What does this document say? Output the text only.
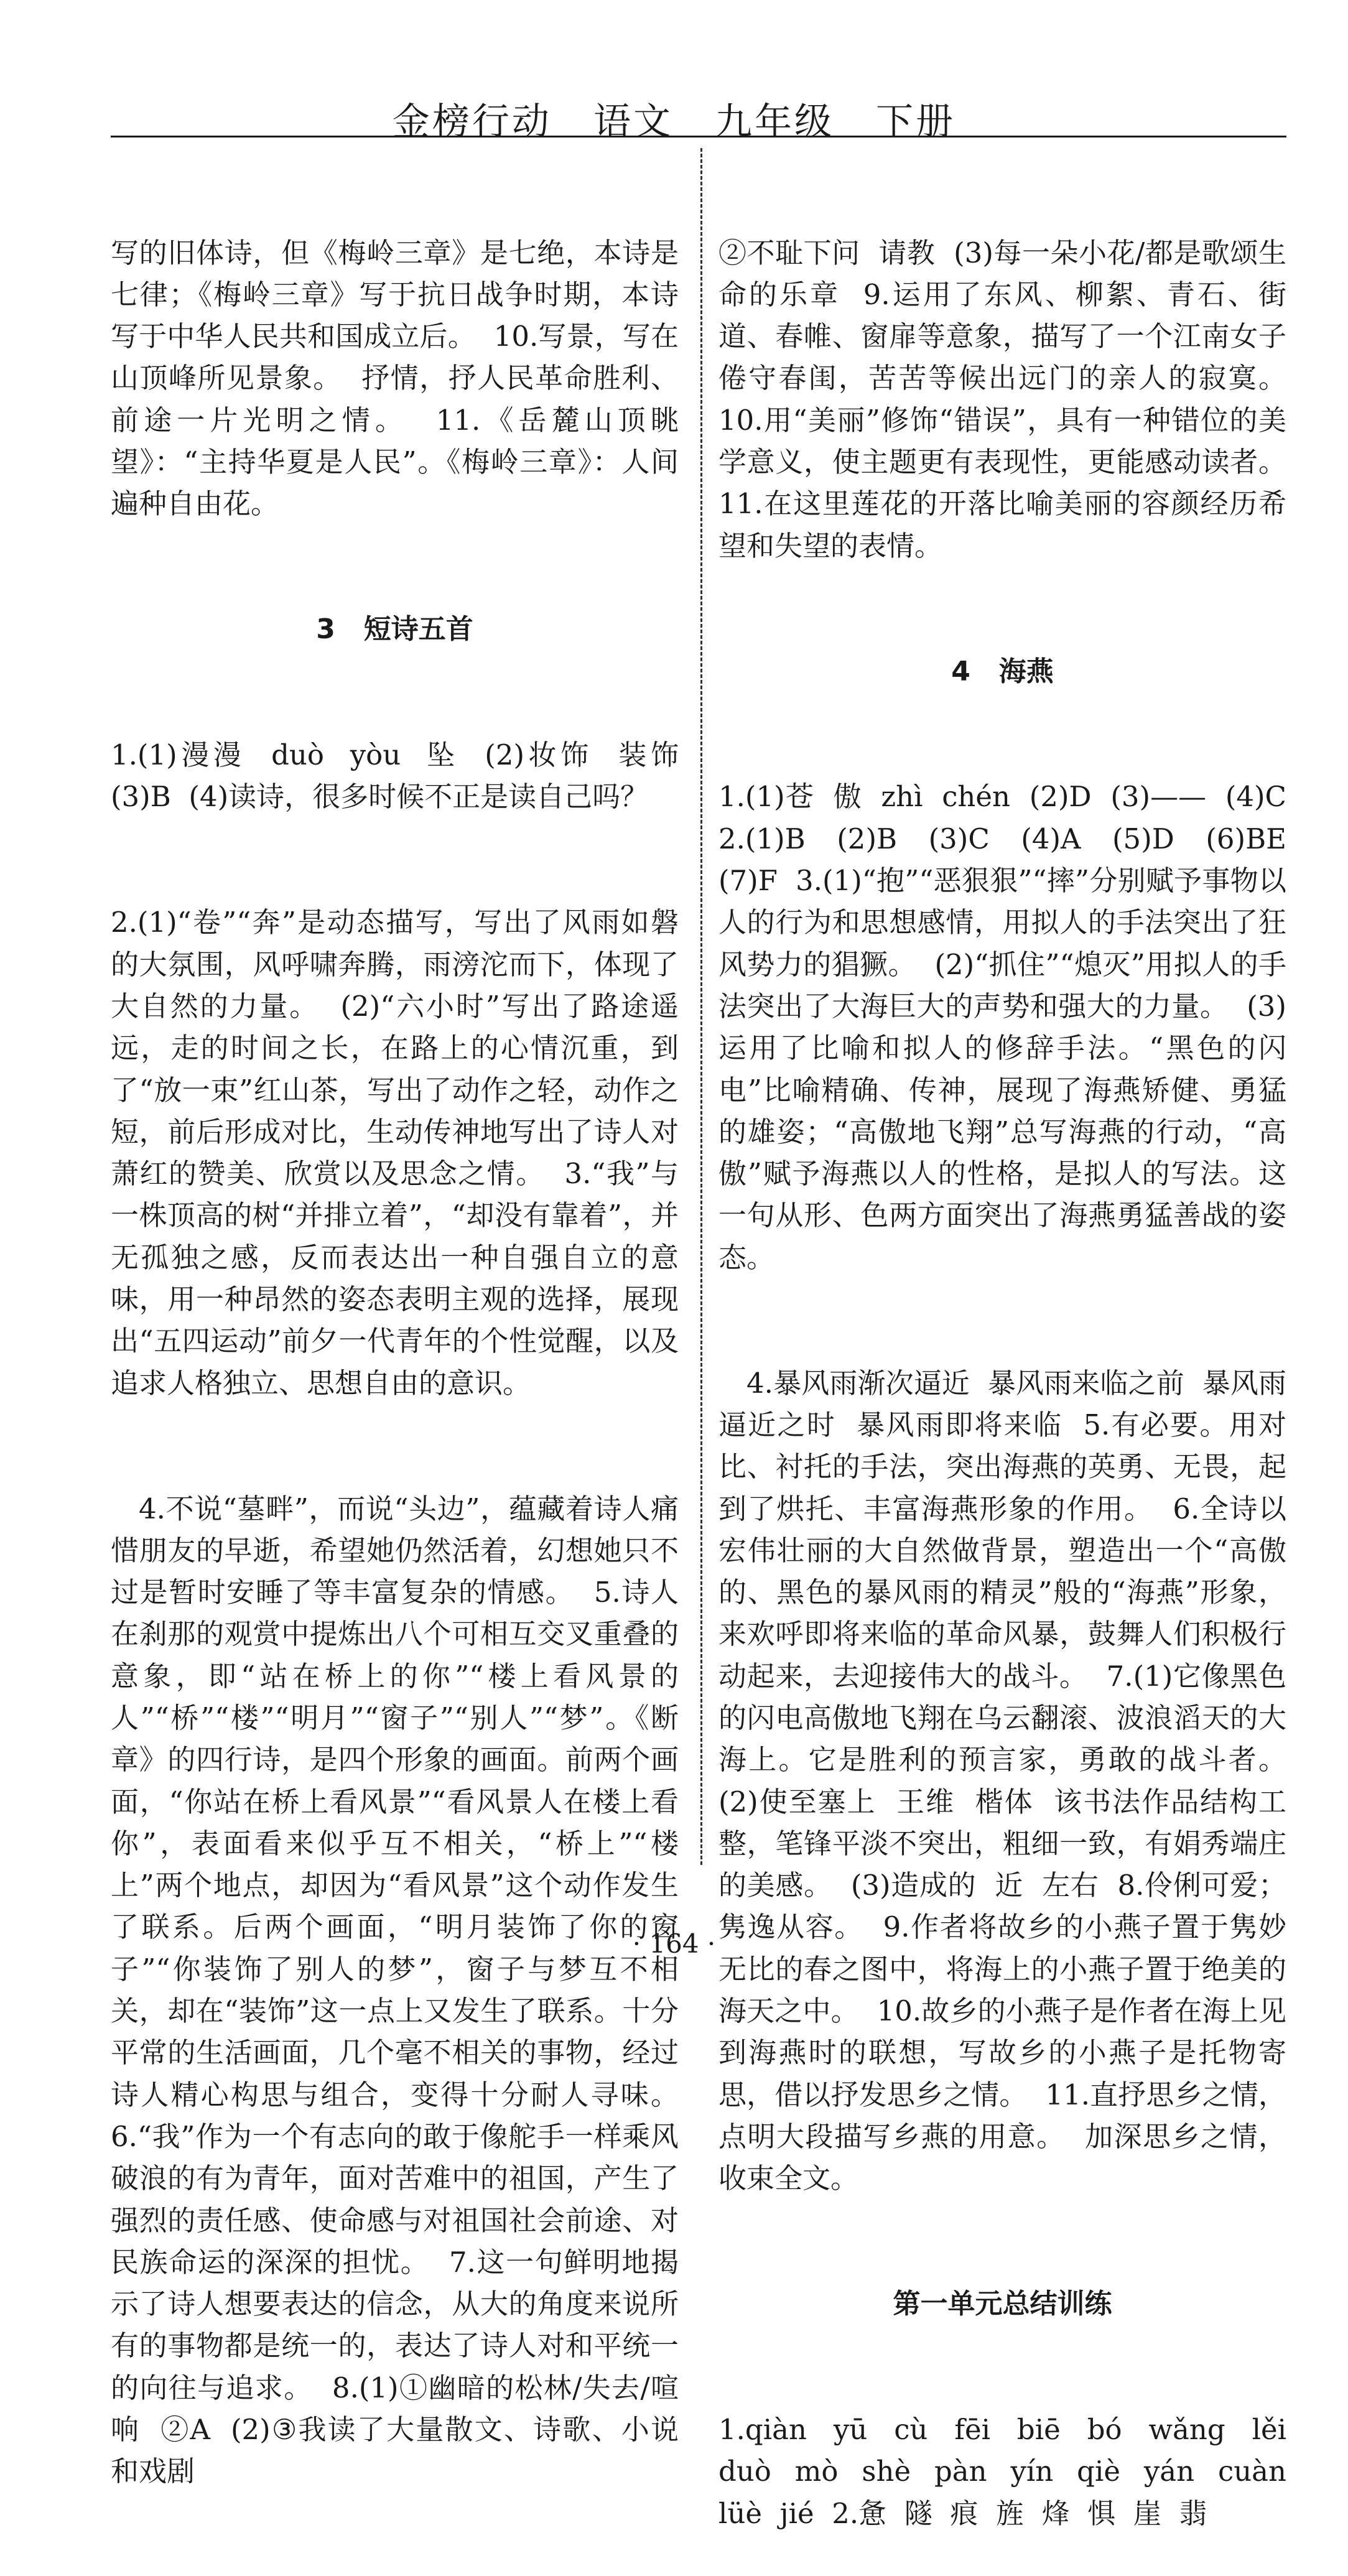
金榜行动 语文 九年级 下册

写的旧体诗，但《梅岭三章》是七绝，本诗是七律；《梅岭三章》写于抗日战争时期，本诗写于中华人民共和国成立后。  10.写景，写在山顶峰所见景象。  抒情，抒人民革命胜利、前途一片光明之情。  11.《岳麓山顶眺望》：“主持华夏是人民”。《梅岭三章》：人间遍种自由花。

3   短诗五首

1.(1)漫漫  duò  yòu  坠  (2)妆饰  装饰  (3)B  (4)读诗，很多时候不正是读自己吗？

2.(1)“卷”“奔”是动态描写，写出了风雨如磐的大氛围，风呼啸奔腾，雨滂沱而下，体现了大自然的力量。  (2)“六小时”写出了路途遥远，走的时间之长，在路上的心情沉重，到了“放一束”红山茶，写出了动作之轻，动作之短，前后形成对比，生动传神地写出了诗人对萧红的赞美、欣赏以及思念之情。  3.“我”与一株顶高的树“并排立着”，“却没有靠着”，并无孤独之感，反而表达出一种自强自立的意味，用一种昂然的姿态表明主观的选择，展现出“五四运动”前夕一代青年的个性觉醒，以及追求人格独立、思想自由的意识。

4.不说“墓畔”，而说“头边”，蕴藏着诗人痛惜朋友的早逝，希望她仍然活着，幻想她只不过是暂时安睡了等丰富复杂的情感。  5.诗人在刹那的观赏中提炼出八个可相互交叉重叠的意象，即“站在桥上的你”“楼上看风景的人”“桥”“楼”“明月”“窗子”“别人”“梦”。《断章》的四行诗，是四个形象的画面。前两个画面，“你站在桥上看风景”“看风景人在楼上看你”，表面看来似乎互不相关，“桥上”“楼上”两个地点，却因为“看风景”这个动作发生了联系。后两个画面，“明月装饰了你的窗子”“你装饰了别人的梦”，窗子与梦互不相关，却在“装饰”这一点上又发生了联系。十分平常的生活画面，几个毫不相关的事物，经过诗人精心构思与组合，变得十分耐人寻味。  6.“我”作为一个有志向的敢于像舵手一样乘风破浪的有为青年，面对苦难中的祖国，产生了强烈的责任感、使命感与对祖国社会前途、对民族命运的深深的担忧。  7.这一句鲜明地揭示了诗人想要表达的信念，从大的角度来说所有的事物都是统一的，表达了诗人对和平统一的向往与追求。  8.(1)①幽暗的松林/失去/喧响  ②A  (2)③我读了大量散文、诗歌、小说和戏剧

②不耻下问  请教  (3)每一朵小花/都是歌颂生命的乐章  9.运用了东风、柳絮、青石、街道、春帷、窗扉等意象，描写了一个江南女子倦守春闺，苦苦等候出远门的亲人的寂寞。  10.用“美丽”修饰“错误”，具有一种错位的美学意义，使主题更有表现性，更能感动读者。  11.在这里莲花的开落比喻美丽的容颜经历希望和失望的表情。

4   海燕

1.(1)苍  傲  zhì  chén  (2)D  (3)——  (4)C  2.(1)B  (2)B  (3)C  (4)A  (5)D  (6)BE  (7)F  3.(1)“抱”“恶狠狠”“摔”分别赋予事物以人的行为和思想感情，用拟人的手法突出了狂风势力的猖獗。  (2)“抓住”“熄灭”用拟人的手法突出了大海巨大的声势和强大的力量。  (3)运用了比喻和拟人的修辞手法。“黑色的闪电”比喻精确、传神，展现了海燕矫健、勇猛的雄姿；“高傲地飞翔”总写海燕的行动，“高傲”赋予海燕以人的性格，是拟人的写法。这一句从形、色两方面突出了海燕勇猛善战的姿态。

4.暴风雨渐次逼近  暴风雨来临之前  暴风雨逼近之时  暴风雨即将来临  5.有必要。用对比、衬托的手法，突出海燕的英勇、无畏，起到了烘托、丰富海燕形象的作用。  6.全诗以宏伟壮丽的大自然做背景，塑造出一个“高傲的、黑色的暴风雨的精灵”般的“海燕”形象，来欢呼即将来临的革命风暴，鼓舞人们积极行动起来，去迎接伟大的战斗。  7.(1)它像黑色的闪电高傲地飞翔在乌云翻滚、波浪滔天的大海上。它是胜利的预言家，勇敢的战斗者。  (2)使至塞上  王维  楷体  该书法作品结构工整，笔锋平淡不突出，粗细一致，有娟秀端庄的美感。  (3)造成的  近  左右  8.伶俐可爱；隽逸从容。  9.作者将故乡的小燕子置于隽妙无比的春之图中，将海上的小燕子置于绝美的海天之中。  10.故乡的小燕子是作者在海上见到海燕时的联想，写故乡的小燕子是托物寄思，借以抒发思乡之情。  11.直抒思乡之情，点明大段描写乡燕的用意。  加深思乡之情，收束全文。

第一单元总结训练

1.qiàn  yū  cù  fēi  biē  bó  wǎng  lěi  duò  mò  shè  pàn  yín  qiè  yán  cuàn  lüè  jié  2.惫  隧  痕  旌  烽  惧  崖  翡

· 164 ·
